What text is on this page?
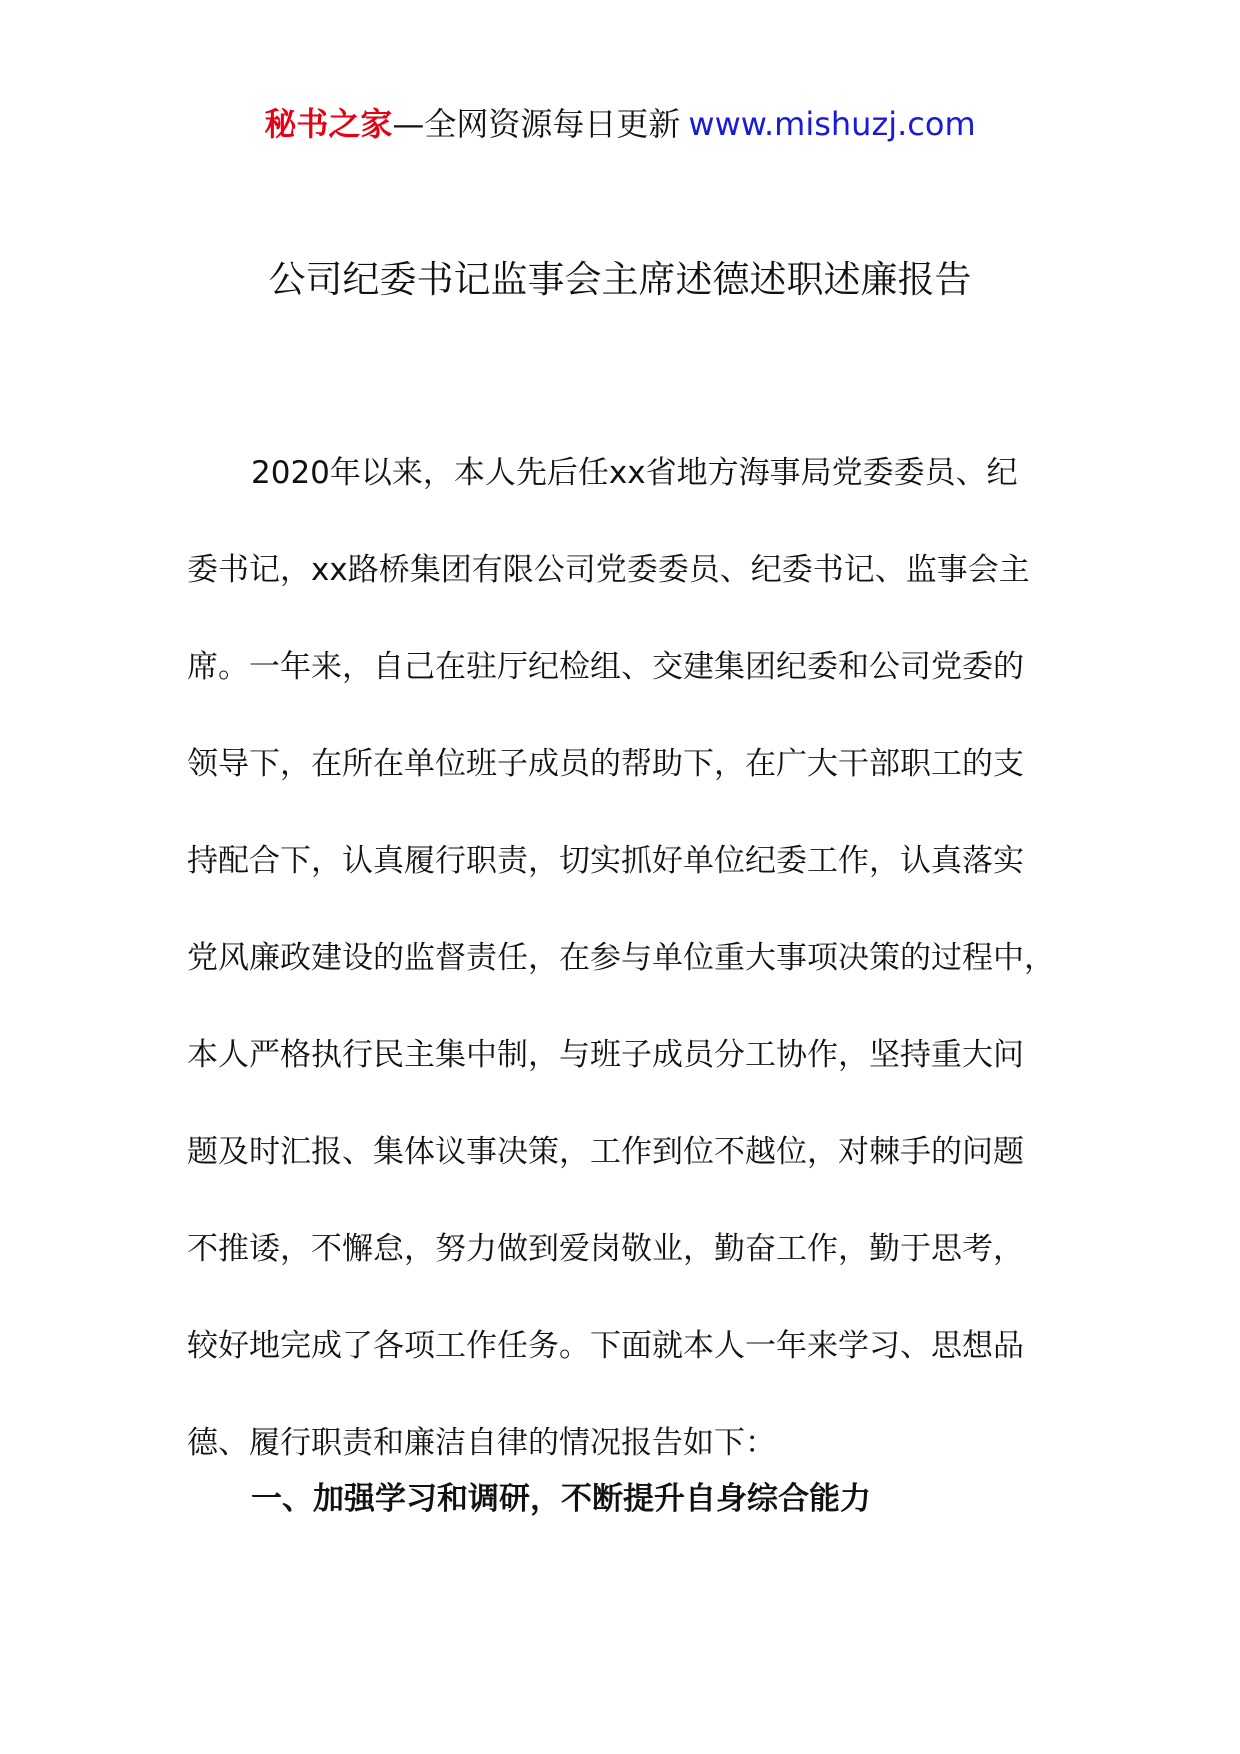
秘书之家—全网资源每日更新 www.mishuzj.com
公司纪委书记监事会主席述德述职述廉报告
2020年以来，本人先后任xx省地方海事局党委委员、纪
委书记，xx路桥集团有限公司党委委员、纪委书记、监事会主
席。一年来，自己在驻厅纪检组、交建集团纪委和公司党委的
领导下，在所在单位班子成员的帮助下，在广大干部职工的支
持配合下，认真履行职责，切实抓好单位纪委工作，认真落实
党风廉政建设的监督责任，在参与单位重大事项决策的过程中，
本人严格执行民主集中制，与班子成员分工协作，坚持重大问
题及时汇报、集体议事决策，工作到位不越位，对棘手的问题
不推诿，不懈怠，努力做到爱岗敬业，勤奋工作，勤于思考，
较好地完成了各项工作任务。下面就本人一年来学习、思想品
德、履行职责和廉洁自律的情况报告如下：
一、加强学习和调研，不断提升自身综合能力
